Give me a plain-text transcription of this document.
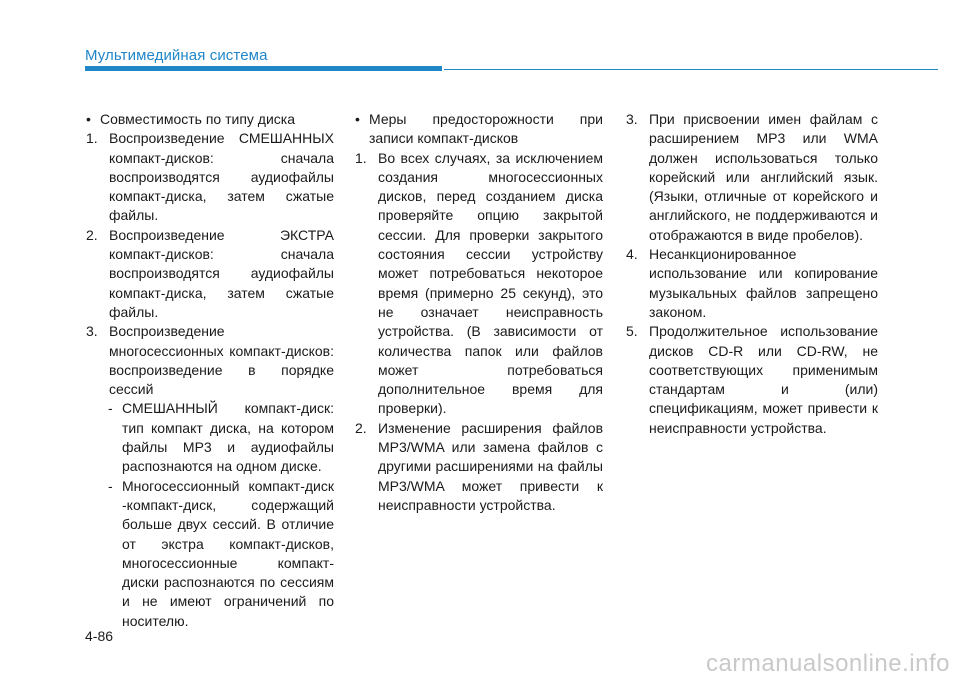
Мультимедийная система

• Совместимость по типу диска

1. Воспроизведение СМЕШАННЫХ компакт-дисков: сначала воспроизводятся аудиофайлы компакт-диска, затем сжатые файлы.

2. Воспроизведение ЭКСТРА компакт-дисков: сначала воспроизводятся аудиофайлы компакт-диска, затем сжатые файлы.

3. Воспроизведение многосессионных компакт-дисков: воспроизведение в порядке сессий

- СМЕШАННЫЙ компакт-диск: тип компакт диска, на котором файлы MP3 и аудиофайлы распознаются на одном диске.

- Многосессионный компакт-диск -компакт-диск, содержащий больше двух сессий. В отличие от экстра компакт-дисков, многосессионные компакт-диски распознаются по сессиям и не имеют ограничений по носителю.

• Меры предосторожности при записи компакт-дисков

1. Во всех случаях, за исключением создания многосессионных дисков, перед созданием диска проверяйте опцию закрытой сессии. Для проверки закрытого состояния сессии устройству может потребоваться некоторое время (примерно 25 секунд), это не означает неисправность устройства. (В зависимости от количества папок или файлов может потребоваться дополнительное время для проверки).

2. Изменение расширения файлов MP3/WMA или замена файлов с другими расширениями на файлы MP3/WMA может привести к неисправности устройства.

3. При присвоении имен файлам с расширением MP3 или WMA должен использоваться только корейский или английский язык. (Языки, отличные от корейского и английского, не поддерживаются и отображаются в виде пробелов).

4. Несанкционированное использование или копирование музыкальных файлов запрещено законом.

5. Продолжительное использование дисков CD-R или CD-RW, не соответствующих применимым стандартам и (или) спецификациям, может привести к неисправности устройства.

4-86
carmanualsonline.info
